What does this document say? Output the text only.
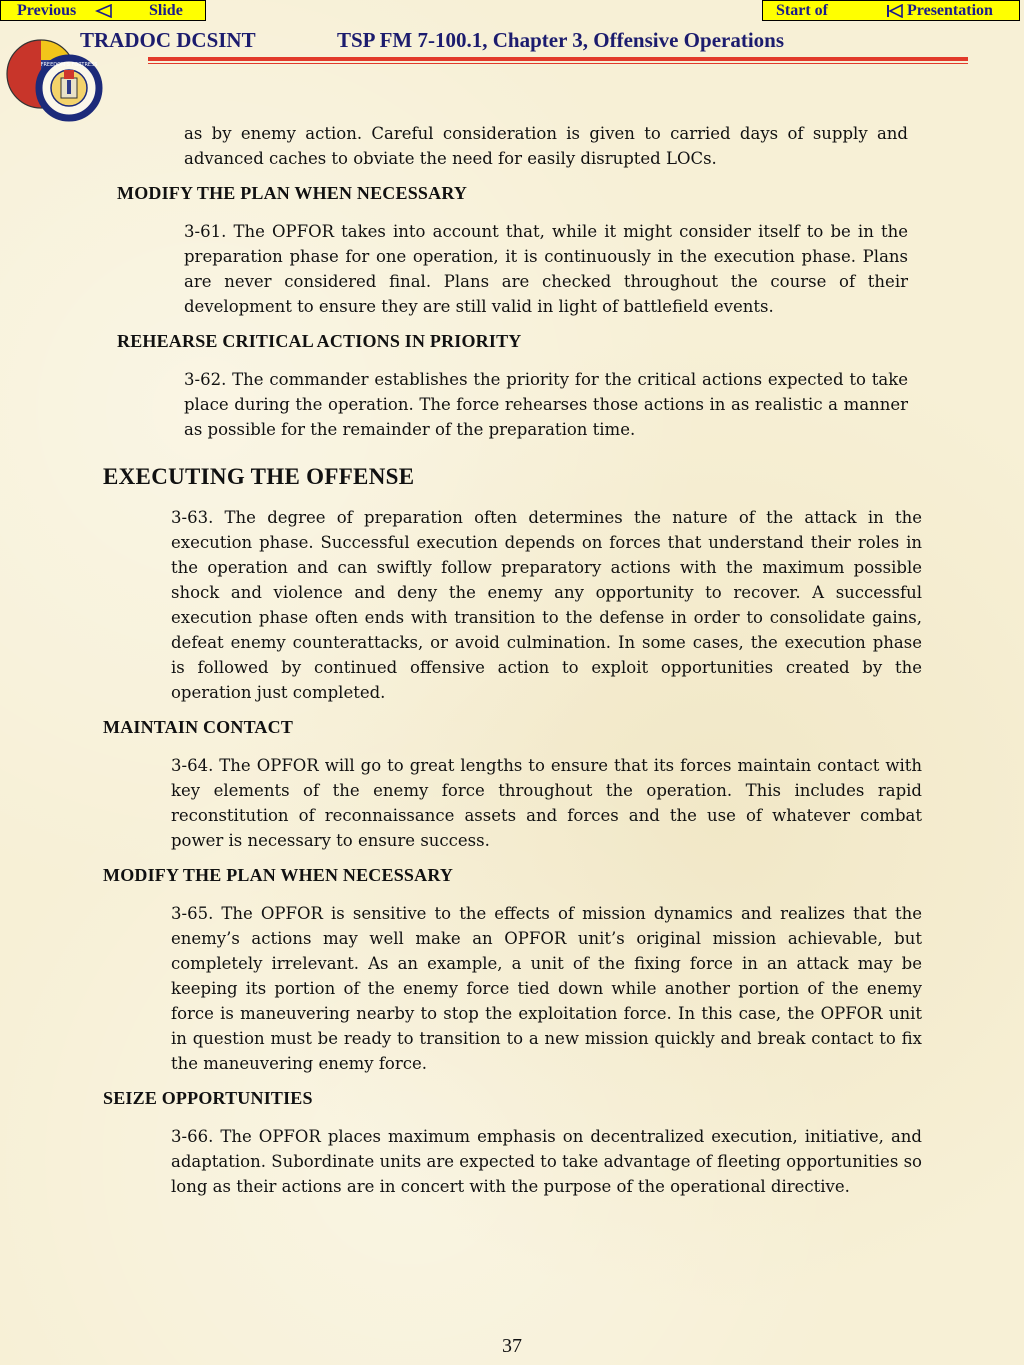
Previous	Slide	Start of	Presentation
FREEDOM'S FORTRESS
TRADOC DCSINT	TSP FM 7-100.1, Chapter 3, Offensive Operations

as by enemy action. Careful consideration is given to carried days of supply and advanced caches to obviate the need for easily disrupted LOCs.

MODIFY THE PLAN WHEN NECESSARY

3-61. The OPFOR takes into account that, while it might consider itself to be in the preparation phase for one operation, it is continuously in the execution phase. Plans are never considered final. Plans are checked throughout the course of their development to ensure they are still valid in light of battlefield events.

REHEARSE CRITICAL ACTIONS IN PRIORITY

3-62. The commander establishes the priority for the critical actions expected to take place during the operation. The force rehearses those actions in as realistic a manner as possible for the remainder of the preparation time.

EXECUTING THE OFFENSE

3-63. The degree of preparation often determines the nature of the attack in the execution phase. Successful execution depends on forces that understand their roles in the operation and can swiftly follow preparatory actions with the maximum possible shock and violence and deny the enemy any opportunity to recover. A successful execution phase often ends with transition to the defense in order to consolidate gains, defeat enemy counterattacks, or avoid culmination. In some cases, the execution phase is followed by continued offensive action to exploit opportunities created by the operation just completed.

MAINTAIN CONTACT

3-64. The OPFOR will go to great lengths to ensure that its forces maintain contact with key elements of the enemy force throughout the operation. This includes rapid reconstitution of reconnaissance assets and forces and the use of whatever combat power is necessary to ensure success.

MODIFY THE PLAN WHEN NECESSARY

3-65. The OPFOR is sensitive to the effects of mission dynamics and realizes that the enemy’s actions may well make an OPFOR unit’s original mission achievable, but completely irrelevant. As an example, a unit of the fixing force in an attack may be keeping its portion of the enemy force tied down while another portion of the enemy force is maneuvering nearby to stop the exploitation force. In this case, the OPFOR unit in question must be ready to transition to a new mission quickly and break contact to fix the maneuvering enemy force.

SEIZE OPPORTUNITIES

3-66. The OPFOR places maximum emphasis on decentralized execution, initiative, and adaptation. Subordinate units are expected to take advantage of fleeting opportunities so long as their actions are in concert with the purpose of the operational directive.

37
